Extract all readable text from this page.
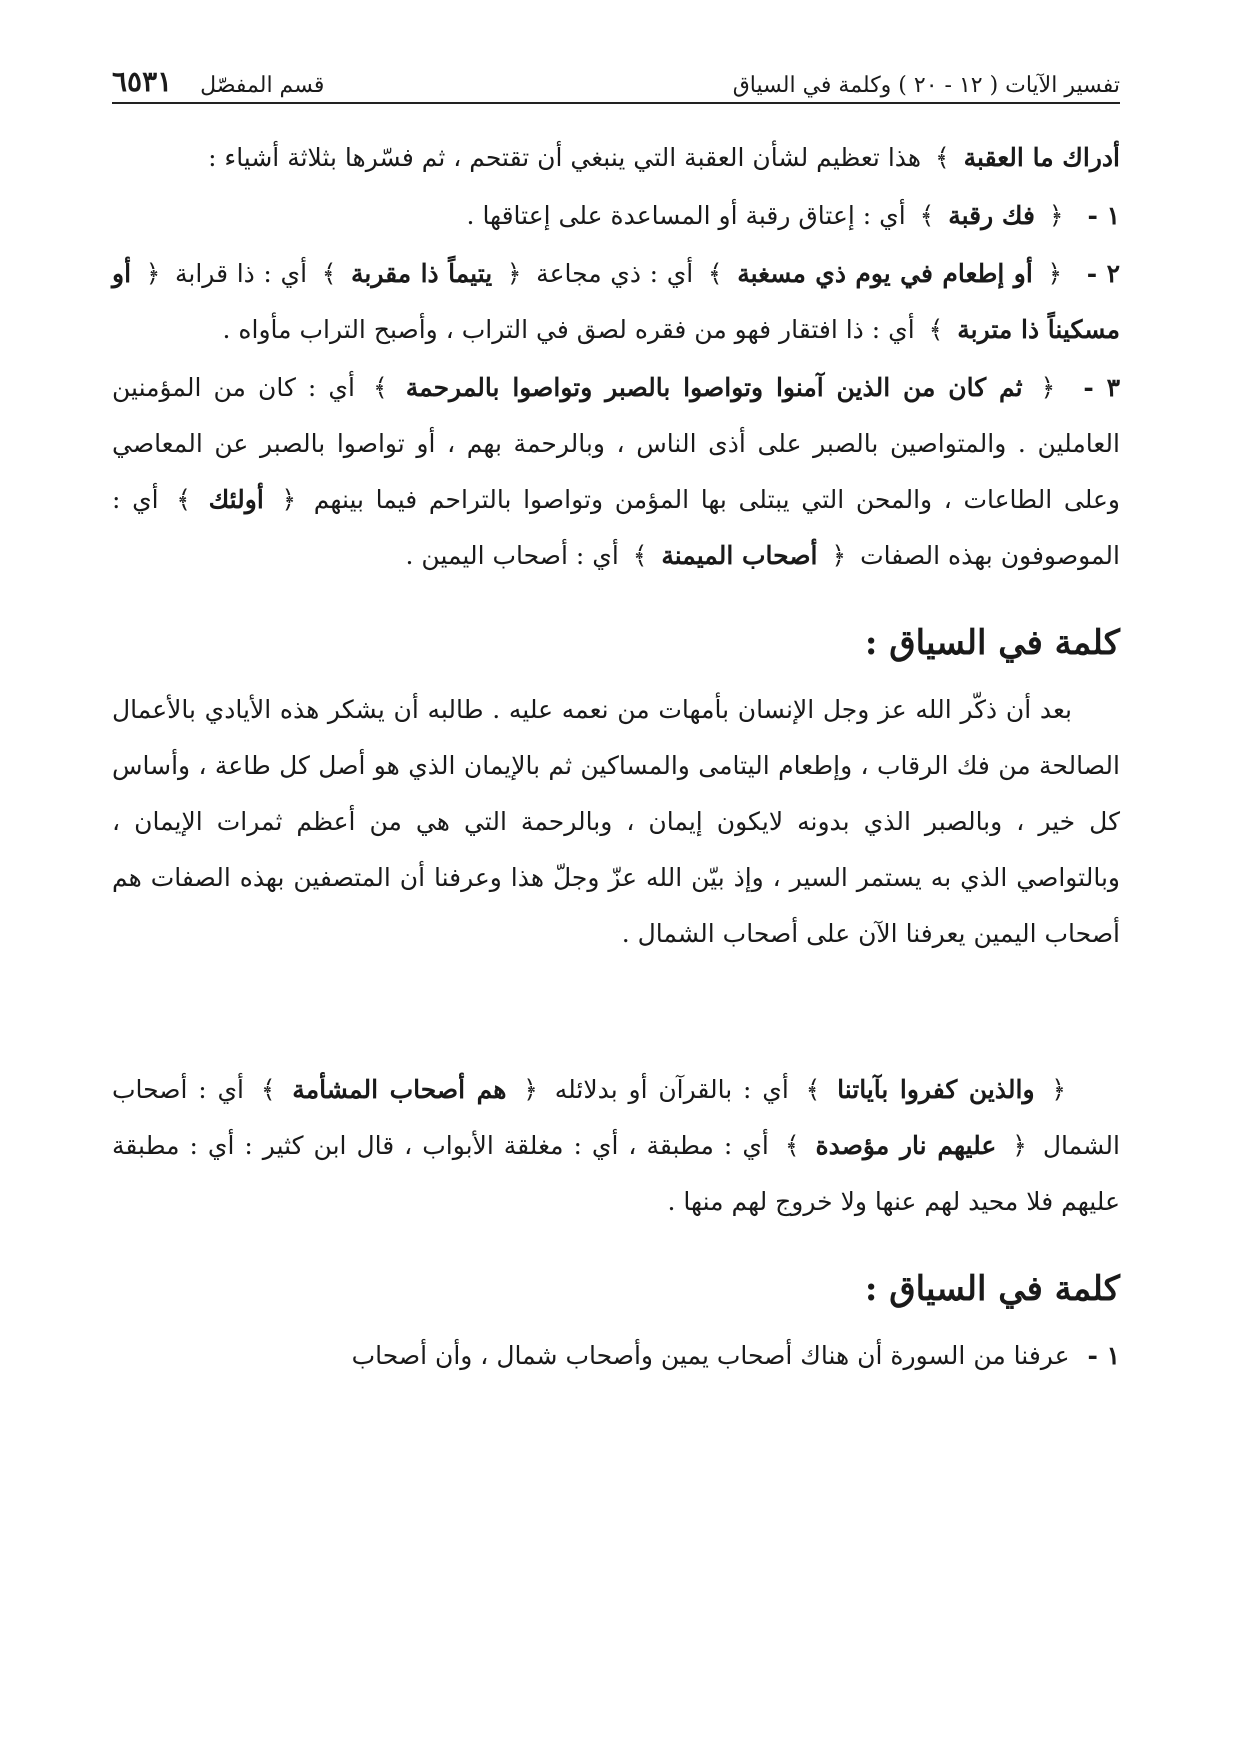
تفسير الآيات ( ١٢ - ٢٠ ) وكلمة في السياق
قسم المفصّل
٦٥٣١

أدراك ما العقبة ﴾ هذا تعظيم لشأن العقبة التي ينبغي أن تقتحم ، ثم فسّرها بثلاثة أشياء :

١ - ﴿ فك رقبة ﴾ أي : إعتاق رقبة أو المساعدة على إعتاقها .

٢ - ﴿ أو إطعام في يوم ذي مسغبة ﴾ أي : ذي مجاعة ﴿ يتيماً ذا مقربة ﴾ أي : ذا قرابة ﴿ أو مسكيناً ذا متربة ﴾ أي : ذا افتقار فهو من فقره لصق في التراب ، وأصبح التراب مأواه .

٣ - ﴿ ثم كان من الذين آمنوا وتواصوا بالصبر وتواصوا بالمرحمة ﴾ أي : كان من المؤمنين العاملين . والمتواصين بالصبر على أذى الناس ، وبالرحمة بهم ، أو تواصوا بالصبر عن المعاصي وعلى الطاعات ، والمحن التي يبتلى بها المؤمن وتواصوا بالتراحم فيما بينهم ﴿ أولئك ﴾ أي : الموصوفون بهذه الصفات ﴿ أصحاب الميمنة ﴾ أي : أصحاب اليمين .

كلمة في السياق :

بعد أن ذكّر الله عز وجل الإنسان بأمهات من نعمه عليه . طالبه أن يشكر هذه الأيادي بالأعمال الصالحة من فك الرقاب ، وإطعام اليتامى والمساكين ثم بالإيمان الذي هو أصل كل طاعة ، وأساس كل خير ، وبالصبر الذي بدونه لايكون إيمان ، وبالرحمة التي هي من أعظم ثمرات الإيمان ، وبالتواصي الذي به يستمر السير ، وإذ بيّن الله عزّ وجلّ هذا وعرفنا أن المتصفين بهذه الصفات هم أصحاب اليمين يعرفنا الآن على أصحاب الشمال .

﴿ والذين كفروا بآياتنا ﴾ أي : بالقرآن أو بدلائله ﴿ هم أصحاب المشأمة ﴾ أي : أصحاب الشمال ﴿ عليهم نار مؤصدة ﴾ أي : مطبقة ، أي : مغلقة الأبواب ، قال ابن كثير : أي : مطبقة عليهم فلا محيد لهم عنها ولا خروج لهم منها .

كلمة في السياق :

١ - عرفنا من السورة أن هناك أصحاب يمين وأصحاب شمال ، وأن أصحاب
